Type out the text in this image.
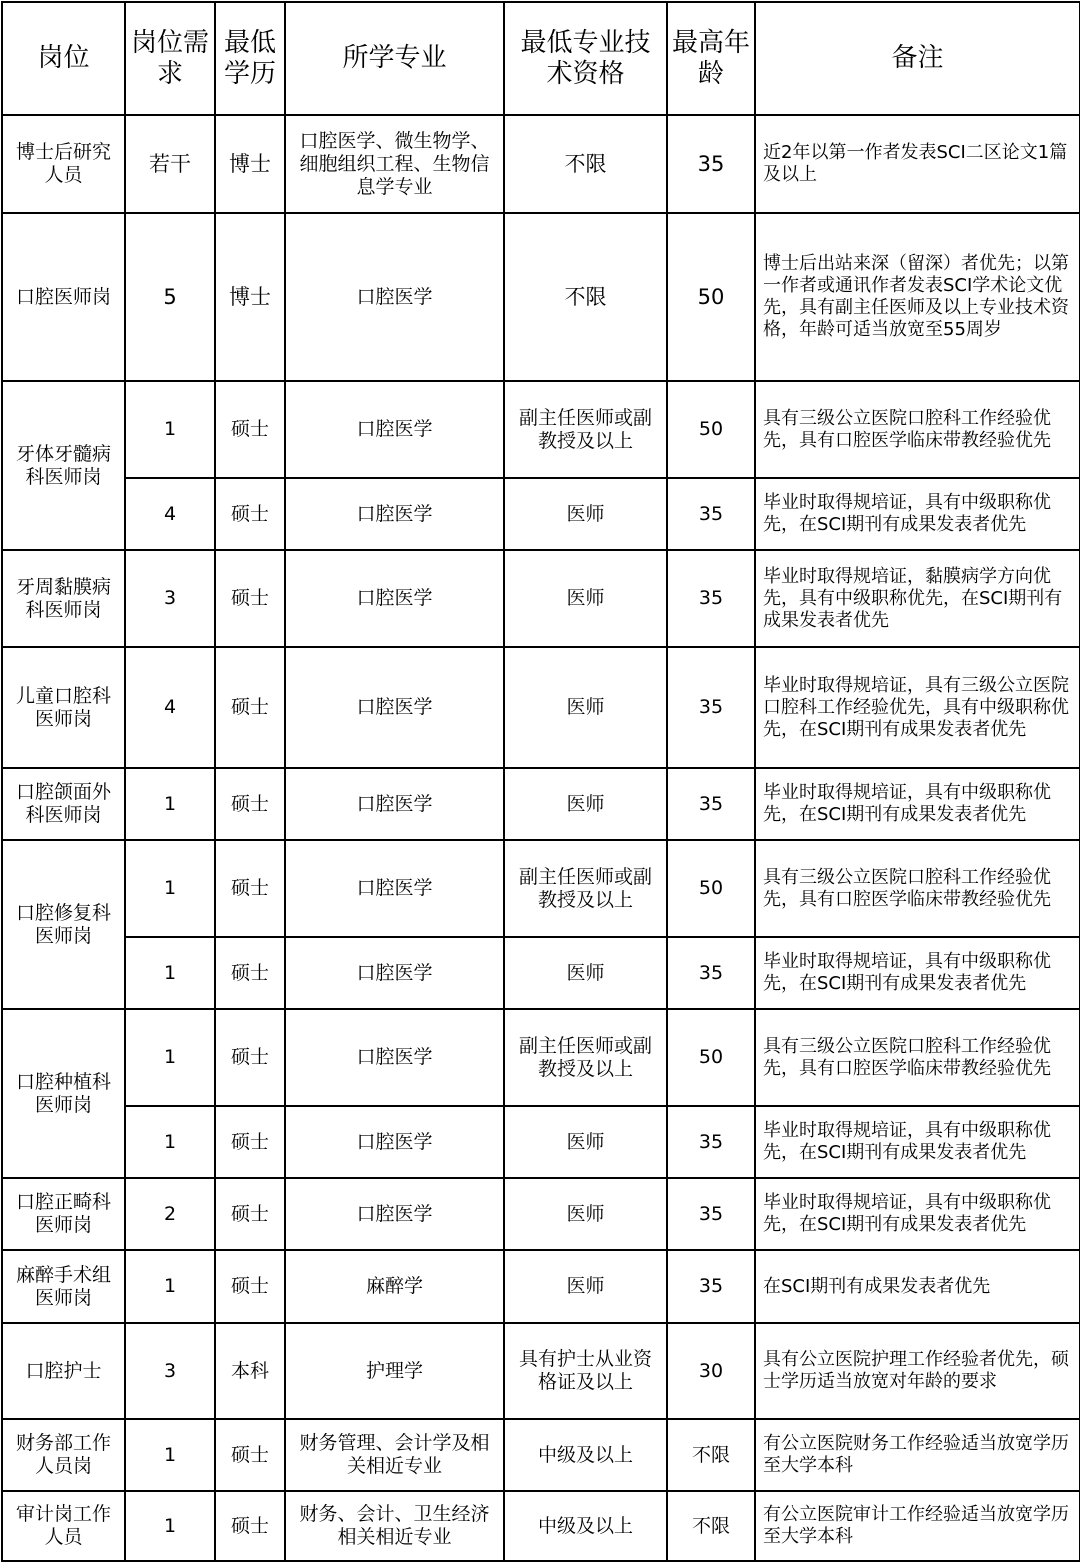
岗位	岗位需求	最低学历	所学专业	最低专业技术资格	最高年龄	备注
博士后研究人员	若干	博士	口腔医学、微生物学、细胞组织工程、生物信息学专业	不限	35	近2年以第一作者发表SCI二区论文1篇及以上
口腔医师岗	5	博士	口腔医学	不限	50	博士后出站来深（留深）者优先；以第一作者或通讯作者发表SCI学术论文优先，具有副主任医师及以上专业技术资格，年龄可适当放宽至55周岁
牙体牙髓病科医师岗	1	硕士	口腔医学	副主任医师或副教授及以上	50	具有三级公立医院口腔科工作经验优先，具有口腔医学临床带教经验优先
	4	硕士	口腔医学	医师	35	毕业时取得规培证，具有中级职称优先，在SCI期刊有成果发表者优先
牙周黏膜病科医师岗	3	硕士	口腔医学	医师	35	毕业时取得规培证，黏膜病学方向优先，具有中级职称优先，在SCI期刊有成果发表者优先
儿童口腔科医师岗	4	硕士	口腔医学	医师	35	毕业时取得规培证，具有三级公立医院口腔科工作经验优先，具有中级职称优先，在SCI期刊有成果发表者优先
口腔颌面外科医师岗	1	硕士	口腔医学	医师	35	毕业时取得规培证，具有中级职称优先，在SCI期刊有成果发表者优先
口腔修复科医师岗	1	硕士	口腔医学	副主任医师或副教授及以上	50	具有三级公立医院口腔科工作经验优先，具有口腔医学临床带教经验优先
	1	硕士	口腔医学	医师	35	毕业时取得规培证，具有中级职称优先，在SCI期刊有成果发表者优先
口腔种植科医师岗	1	硕士	口腔医学	副主任医师或副教授及以上	50	具有三级公立医院口腔科工作经验优先，具有口腔医学临床带教经验优先
	1	硕士	口腔医学	医师	35	毕业时取得规培证，具有中级职称优先，在SCI期刊有成果发表者优先
口腔正畸科医师岗	2	硕士	口腔医学	医师	35	毕业时取得规培证，具有中级职称优先，在SCI期刊有成果发表者优先
麻醉手术组医师岗	1	硕士	麻醉学	医师	35	在SCI期刊有成果发表者优先
口腔护士	3	本科	护理学	具有护士从业资格证及以上	30	具有公立医院护理工作经验者优先，硕士学历适当放宽对年龄的要求
财务部工作人员岗	1	硕士	财务管理、会计学及相关相近专业	中级及以上	不限	有公立医院财务工作经验适当放宽学历至大学本科
审计岗工作人员	1	硕士	财务、会计、卫生经济相关相近专业	中级及以上	不限	有公立医院审计工作经验适当放宽学历至大学本科
